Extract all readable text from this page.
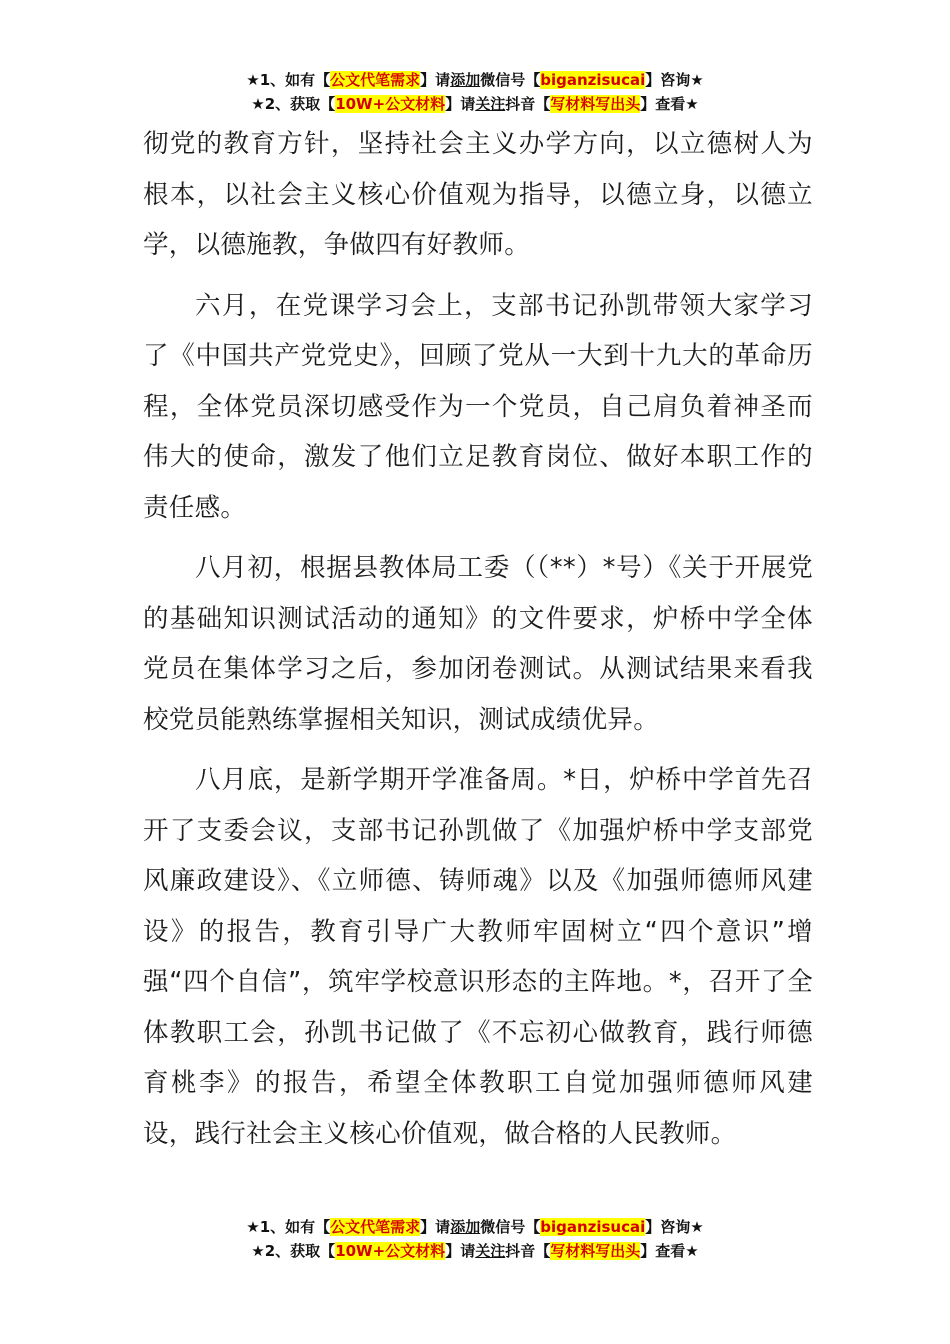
★1、如有【公文代笔需求】请添加微信号【biganzisucai】咨询★
★2、获取【10W+公文材料】请关注抖音【写材料写出头】查看★

彻党的教育方针，坚持社会主义办学方向，以立德树人为根本，以社会主义核心价值观为指导，以德立身，以德立学，以德施教，争做四有好教师。

六月，在党课学习会上，支部书记孙凯带领大家学习了《中国共产党党史》，回顾了党从一大到十九大的革命历程，全体党员深切感受作为一个党员，自己肩负着神圣而伟大的使命，激发了他们立足教育岗位、做好本职工作的责任感。

八月初，根据县教体局工委（（**）*号）《关于开展党的基础知识测试活动的通知》的文件要求，炉桥中学全体党员在集体学习之后，参加闭卷测试。从测试结果来看我校党员能熟练掌握相关知识，测试成绩优异。

八月底，是新学期开学准备周。*日，炉桥中学首先召开了支委会议，支部书记孙凯做了《加强炉桥中学支部党风廉政建设》、《立师德、铸师魂》以及《加强师德师风建设》的报告，教育引导广大教师牢固树立“四个意识”增强“四个自信”，筑牢学校意识形态的主阵地。*，召开了全体教职工会，孙凯书记做了《不忘初心做教育，践行师德育桃李》的报告，希望全体教职工自觉加强师德师风建设，践行社会主义核心价值观，做合格的人民教师。

★1、如有【公文代笔需求】请添加微信号【biganzisucai】咨询★
★2、获取【10W+公文材料】请关注抖音【写材料写出头】查看★
